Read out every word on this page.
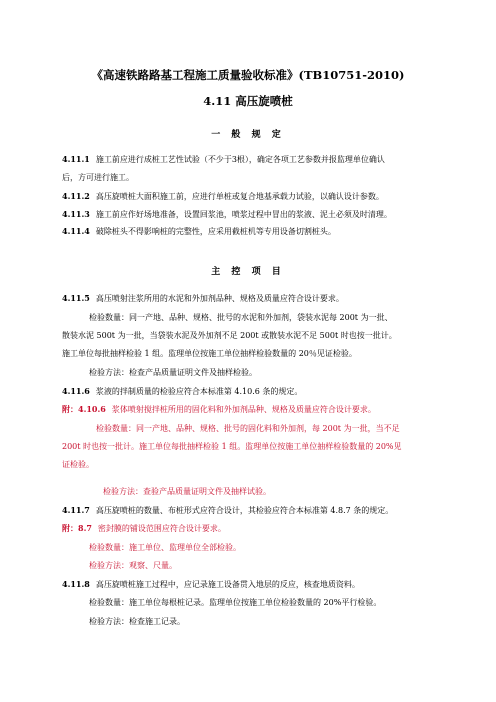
《高速铁路路基工程施工质量验收标准》(TB10751-2010)
4.11 高压旋喷桩
一 般 规 定
4.11.1 施工前应进行成桩工艺性试验（不少于3根），确定各项工艺参数并报监理单位确认
后，方可进行施工。
4.11.2 高压旋喷桩大面积施工前，应进行单桩或复合地基承载力试验，以确认设计参数。
4.11.3 施工前应作好场地准备，设置回浆池，喷浆过程中冒出的浆液、泥土必须及时清理。
4.11.4 破除桩头不得影响桩的完整性，应采用截桩机等专用设备切割桩头。
主 控 项 目
4.11.5 高压喷射注浆所用的水泥和外加剂品种、规格及质量应符合设计要求。
检验数量：同一产地、品种、规格、批号的水泥和外加剂，袋装水泥每 200t 为一批、
散装水泥 500t 为一批，当袋装水泥及外加剂不足 200t 或散装水泥不足 500t 时也按一批计。
施工单位每批抽样检验 1 组。监理单位按施工单位抽样检验数量的 20％见证检验。
检验方法：检查产品质量证明文件及抽样检验。
4.11.6 浆液的拌制质量的检验应符合本标准第 4.10.6 条的规定。
附：4.10.6 浆体喷射搅拌桩所用的固化料和外加剂品种、规格及质量应符合设计要求。
检验数量：同一产地、品种、规格、批号的固化料和外加剂，每 200t 为一批，当不足
200t 时也按一批计。施工单位每批抽样检验 1 组。监理单位按施工单位抽样检验数量的 20%见
证检验。
检验方法：查验产品质量证明文件及抽样试验。
4.11.7 高压旋喷桩的数量、布桩形式应符合设计，其检验应符合本标准第 4.8.7 条的规定。
附：8.7 密封膜的铺设范围应符合设计要求。
检验数量：施工单位、监理单位全部检验。
检验方法：观察、尺量。
4.11.8 高压旋喷桩施工过程中，应记录施工设备贯入地层的反应，核查地质资料。
检验数量：施工单位每根桩记录。监理单位按施工单位检验数量的 20%平行检验。
检验方法：检查施工记录。
